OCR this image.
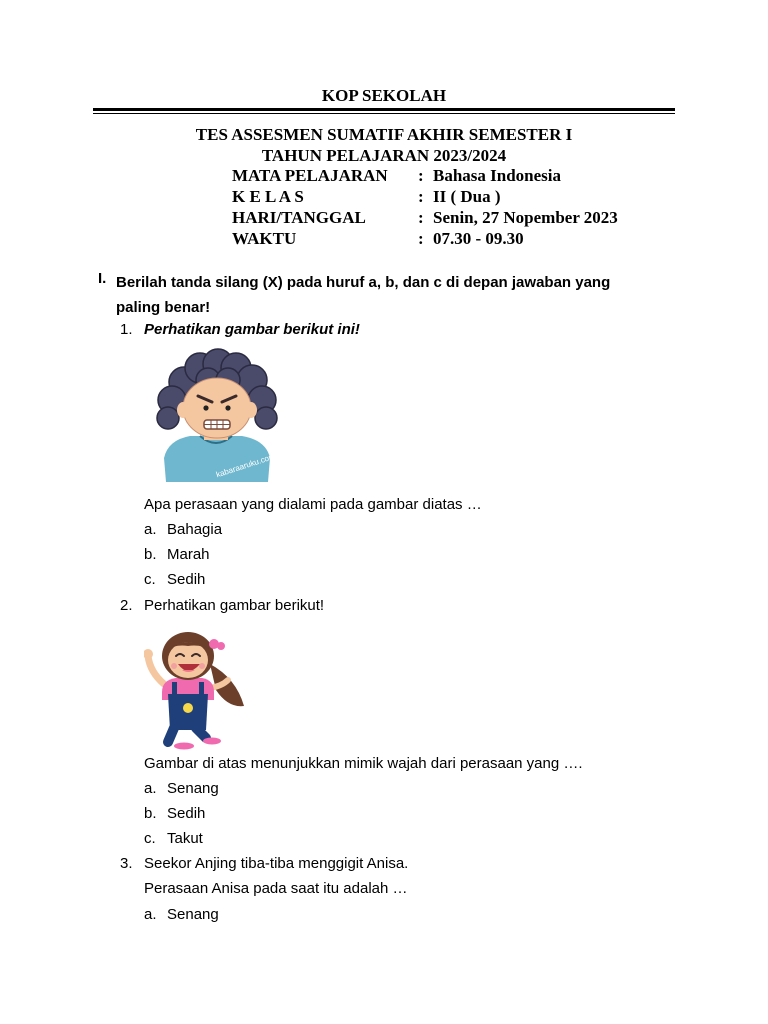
KOP SEKOLAH
TES ASSESMEN SUMATIF AKHIR SEMESTER I
TAHUN PELAJARAN 2023/2024
MATA PELAJARAN : Bahasa Indonesia
K E L A S	: II ( Dua )
HARI/TANGGAL	: Senin, 27 Nopember 2023
WAKTU	: 07.30 - 09.30
I. Berilah tanda silang (X) pada huruf a, b, dan c di depan jawaban yang paling benar!
1. Perhatikan gambar berikut ini!
kabaraaruku.com
Apa perasaan yang dialami pada gambar diatas …
a. Bahagia
b. Marah
c. Sedih
2. Perhatikan gambar berikut!
Gambar di atas menunjukkan mimik wajah dari perasaan yang ….
a. Senang
b. Sedih
c. Takut
3. Seekor Anjing tiba-tiba menggigit Anisa.
Perasaan Anisa pada saat itu adalah …
a. Senang
